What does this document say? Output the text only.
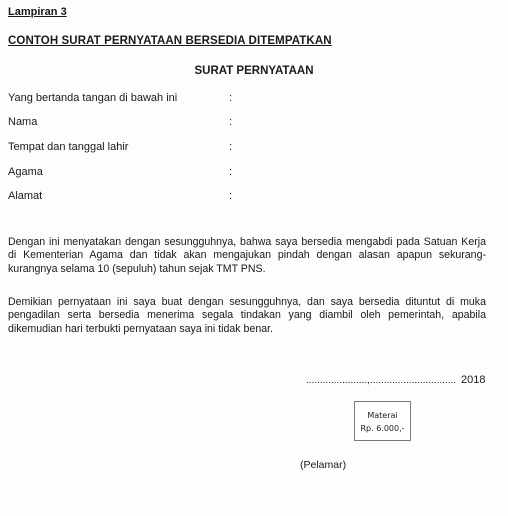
Lampiran 3
CONTOH SURAT PERNYATAAN BERSEDIA DITEMPATKAN
SURAT PERNYATAAN
Yang bertanda tangan di bawah ini	:
Nama	:
Tempat dan tanggal lahir	:
Agama	:
Alamat	:
Dengan ini menyatakan dengan sesungguhnya, bahwa saya bersedia mengabdi pada Satuan Kerja di Kementerian Agama dan tidak akan mengajukan pindah dengan alasan apapun sekurang-kurangnya selama 10 (sepuluh) tahun sejak TMT PNS.
Demikian pernyataan ini saya buat dengan sesungguhnya, dan saya bersedia dituntut di muka pengadilan serta bersedia menerima segala tindakan yang diambil oleh pemerintah, apabila dikemudian hari terbukti pernyataan saya ini tidak benar.
......................,............................... 2018
Materai
Rp. 6.000,-
(Pelamar)
